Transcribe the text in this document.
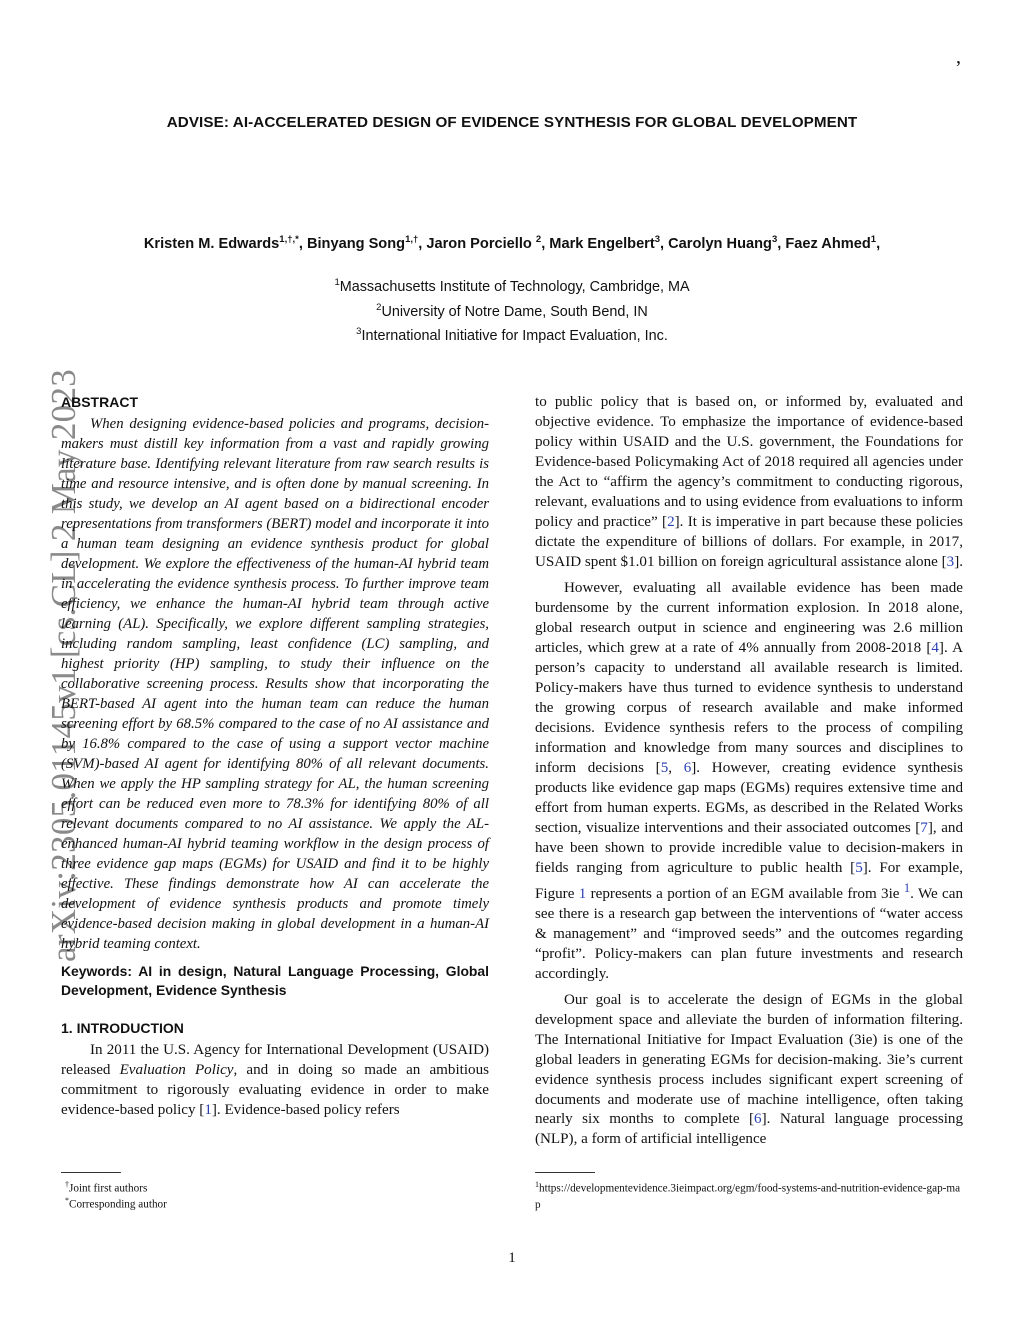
,
arXiv:2305.01145v1 [cs.CL] 2 May 2023
ADVISE: AI-ACCELERATED DESIGN OF EVIDENCE SYNTHESIS FOR GLOBAL DEVELOPMENT
Kristen M. Edwards$^{1,\dagger,*}$, Binyang Song$^{1,\dagger}$, Jaron Porciello $^2$, Mark Engelbert$^3$, Carolyn Huang$^3$, Faez Ahmed$^1$,
$^1$Massachusetts Institute of Technology, Cambridge, MA
$^2$University of Notre Dame, South Bend, IN
$^3$International Initiative for Impact Evaluation, Inc.
ABSTRACT

When designing evidence-based policies and programs, decision-makers must distill key information from a vast and rapidly growing literature base. Identifying relevant literature from raw search results is time and resource intensive, and is often done by manual screening. In this study, we develop an AI agent based on a bidirectional encoder representations from transformers (BERT) model and incorporate it into a human team designing an evidence synthesis product for global development. We explore the effectiveness of the human-AI hybrid team in accelerating the evidence synthesis process. To further improve team efficiency, we enhance the human-AI hybrid team through active learning (AL). Specifically, we explore different sampling strategies, including random sampling, least confidence (LC) sampling, and highest priority (HP) sampling, to study their influence on the collaborative screening process. Results show that incorporating the BERT-based AI agent into the human team can reduce the human screening effort by 68.5% compared to the case of no AI assistance and by 16.8% compared to the case of using a support vector machine (SVM)-based AI agent for identifying 80% of all relevant documents. When we apply the HP sampling strategy for AL, the human screening effort can be reduced even more to 78.3% for identifying 80% of all relevant documents compared to no AI assistance. We apply the AL-enhanced human-AI hybrid teaming workflow in the design process of three evidence gap maps (EGMs) for USAID and find it to be highly effective. These findings demonstrate how AI can accelerate the development of evidence synthesis products and promote timely evidence-based decision making in global development in a human-AI hybrid teaming context.

Keywords: AI in design, Natural Language Processing, Global Development, Evidence Synthesis

1. INTRODUCTION

In 2011 the U.S. Agency for International Development (USAID) released Evaluation Policy, and in doing so made an ambitious commitment to rigorously evaluating evidence in order to make evidence-based policy [1]. Evidence-based policy refers

to public policy that is based on, or informed by, evaluated and objective evidence. To emphasize the importance of evidence-based policy within USAID and the U.S. government, the Foundations for Evidence-based Policymaking Act of 2018 required all agencies under the Act to “affirm the agency’s commitment to conducting rigorous, relevant, evaluations and to using evidence from evaluations to inform policy and practice” [2]. It is imperative in part because these policies dictate the expenditure of billions of dollars. For example, in 2017, USAID spent $1.01 billion on foreign agricultural assistance alone [3].

However, evaluating all available evidence has been made burdensome by the current information explosion. In 2018 alone, global research output in science and engineering was 2.6 million articles, which grew at a rate of 4% annually from 2008-2018 [4]. A person’s capacity to understand all available research is limited. Policy-makers have thus turned to evidence synthesis to understand the growing corpus of research available and make informed decisions. Evidence synthesis refers to the process of compiling information and knowledge from many sources and disciplines to inform decisions [5, 6]. However, creating evidence synthesis products like evidence gap maps (EGMs) requires extensive time and effort from human experts. EGMs, as described in the Related Works section, visualize interventions and their associated outcomes [7], and have been shown to provide incredible value to decision-makers in fields ranging from agriculture to public health [5]. For example, Figure 1 represents a portion of an EGM available from 3ie $^1$. We can see there is a research gap between the interventions of “water access & management” and “improved seeds” and the outcomes regarding “profit”. Policy-makers can plan future investments and research accordingly.

Our goal is to accelerate the design of EGMs in the global development space and alleviate the burden of information filtering. The International Initiative for Impact Evaluation (3ie) is one of the global leaders in generating EGMs for decision-making. 3ie’s current evidence synthesis process includes significant expert screening of documents and moderate use of machine intelligence, often taking nearly six months to complete [6]. Natural language processing (NLP), a form of artificial intelligence

†Joint first authors
*Corresponding author
$^1$https://developmentevidence.3ieimpact.org/egm/food-systems-and-nutrition-evidence-gap-map
1
